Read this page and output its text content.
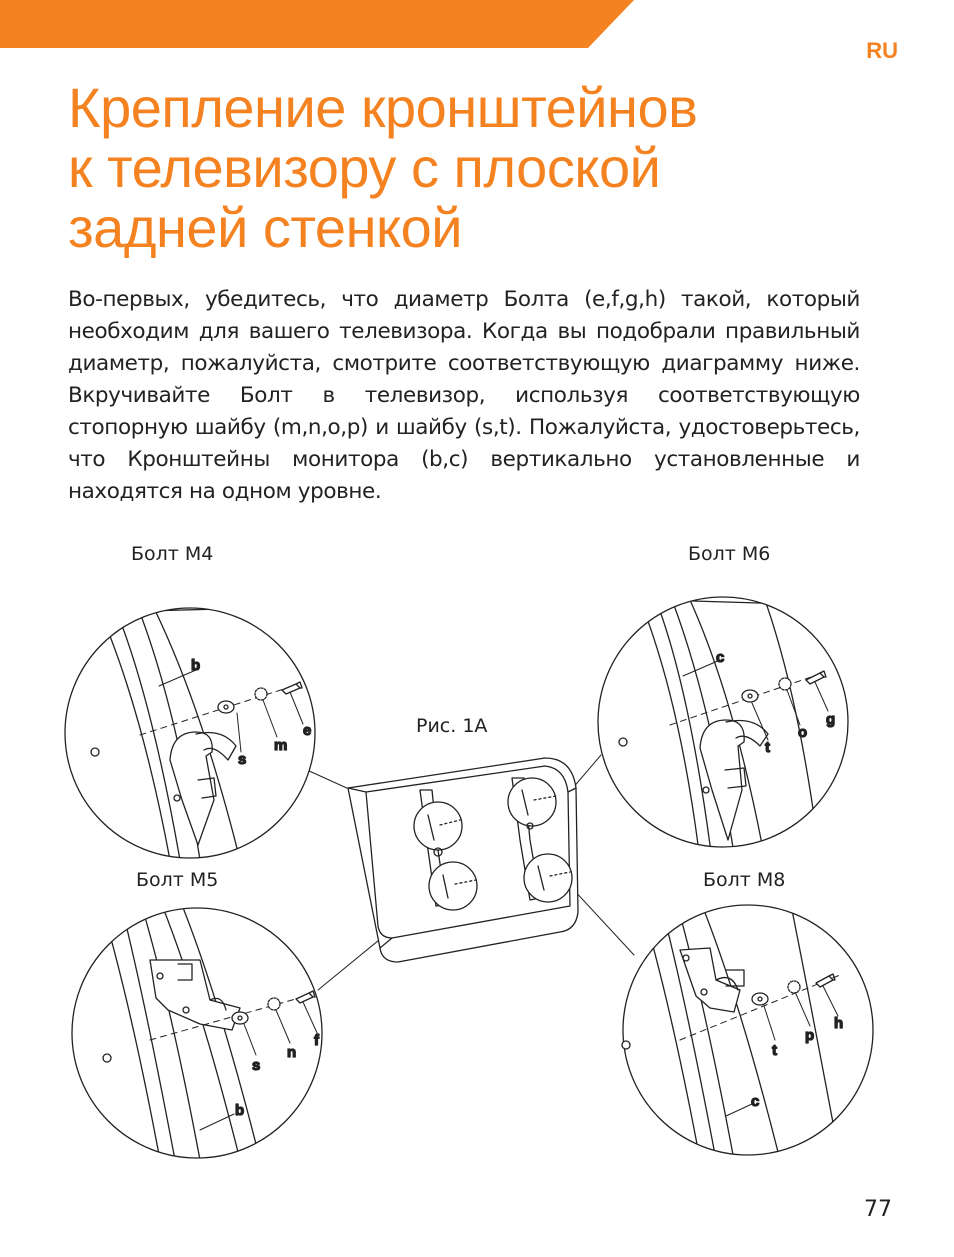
RU
Крепление кронштейнов
к телевизору с плоской
задней стенкой

Во-первых, убедитесь, что диаметр Болта (e,f,g,h) такой, который необходим для вашего телевизора. Когда вы подобрали правильный диаметр, пожалуйста, смотрите соответствующую диаграмму ниже. Вкручивайте Болт в телевизор, используя соответствующую стопорную шайбу (m,n,o,p) и шайбу (s,t). Пожалуйста, удостоверьтесь, что Кронштейны монитора (b,c) вертикально установленные и находятся на одном уровне.

Болт M4	Болт M6
Болт M5	Болт M8
Рис. 1A
b
s
m
e
c
t
o
g
s
n
f
b
t
p
h
c
77
